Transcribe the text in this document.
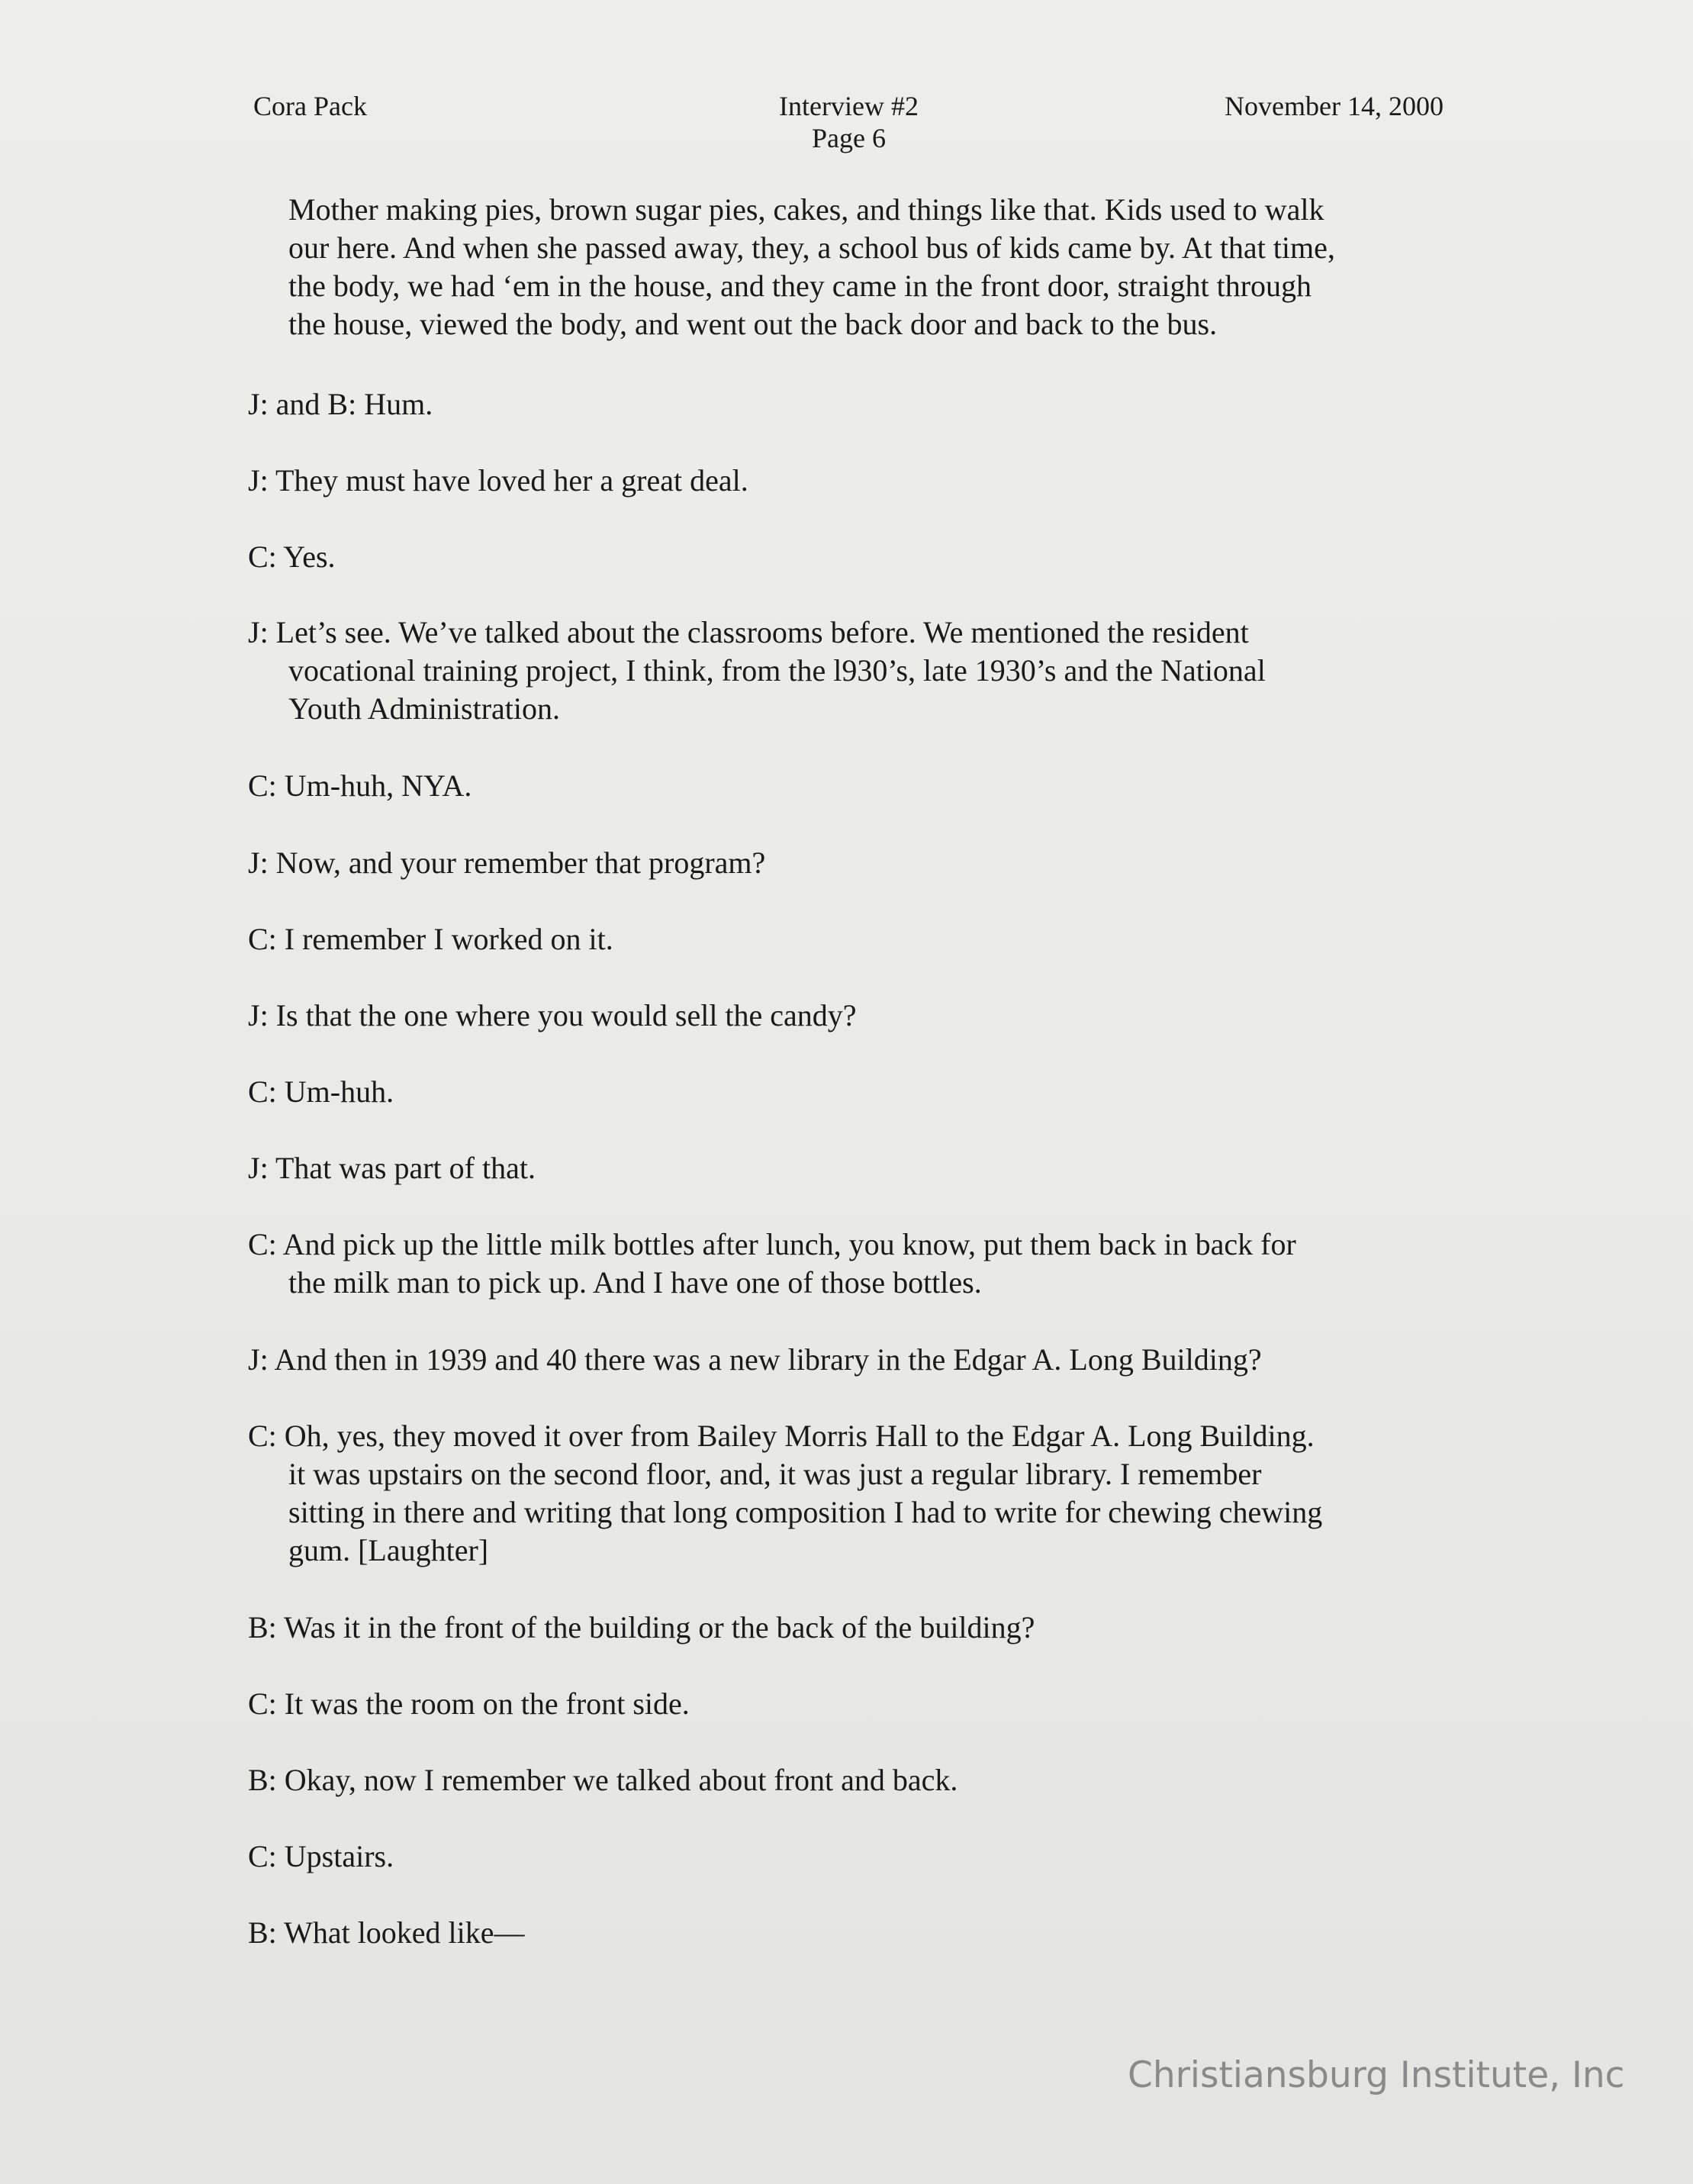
Cora Pack	Interview #2
Page 6
November 14, 2000
Mother making pies, brown sugar pies, cakes, and things like that. Kids used to walk
our here. And when she passed away, they, a school bus of kids came by. At that time,
the body, we had ‘em in the house, and they came in the front door, straight through
the house, viewed the body, and went out the back door and back to the bus.
J: and B: Hum.
J: They must have loved her a great deal.
C: Yes.
J: Let’s see. We’ve talked about the classrooms before. We mentioned the resident
vocational training project, I think, from the l930’s, late 1930’s and the National
Youth Administration.
C: Um-huh, NYA.
J: Now, and your remember that program?
C: I remember I worked on it.
J: Is that the one where you would sell the candy?
C: Um-huh.
J: That was part of that.
C: And pick up the little milk bottles after lunch, you know, put them back in back for
the milk man to pick up. And I have one of those bottles.
J: And then in 1939 and 40 there was a new library in the Edgar A. Long Building?
C: Oh, yes, they moved it over from Bailey Morris Hall to the Edgar A. Long Building.
it was upstairs on the second floor, and, it was just a regular library. I remember
sitting in there and writing that long composition I had to write for chewing chewing
gum. [Laughter]
B: Was it in the front of the building or the back of the building?
C: It was the room on the front side.
B: Okay, now I remember we talked about front and back.
C: Upstairs.
B: What looked like—
Christiansburg Institute, Inc
